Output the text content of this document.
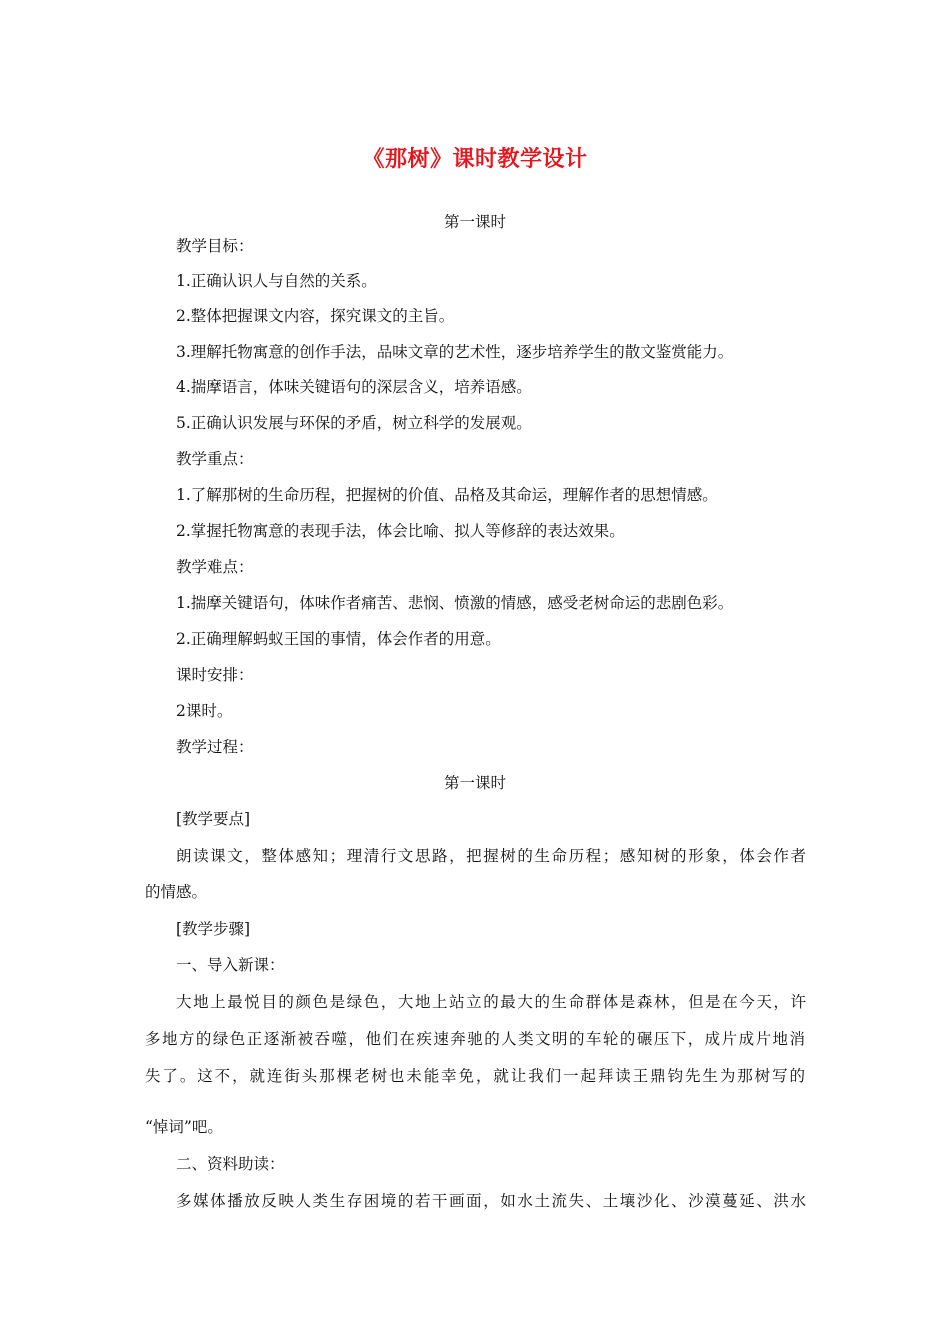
《那树》课时教学设计
第一课时
教学目标：
1.正确认识人与自然的关系。
2.整体把握课文内容，探究课文的主旨。
3.理解托物寓意的创作手法，品味文章的艺术性，逐步培养学生的散文鉴赏能力。
4.揣摩语言，体味关键语句的深层含义，培养语感。
5.正确认识发展与环保的矛盾，树立科学的发展观。
教学重点：
1.了解那树的生命历程，把握树的价值、品格及其命运，理解作者的思想情感。
2.掌握托物寓意的表现手法，体会比喻、拟人等修辞的表达效果。
教学难点：
1.揣摩关键语句，体味作者痛苦、悲悯、愤激的情感，感受老树命运的悲剧色彩。
2.正确理解蚂蚁王国的事情，体会作者的用意。
课时安排：
2课时。
教学过程：
第一课时
[教学要点]
朗读课文，整体感知；理清行文思路，把握树的生命历程；感知树的形象，体会作者
的情感。
[教学步骤]
一、导入新课：
大地上最悦目的颜色是绿色，大地上站立的最大的生命群体是森林，但是在今天，许
多地方的绿色正逐渐被吞噬，他们在疾速奔驰的人类文明的车轮的碾压下，成片成片地消
失了。这不，就连街头那棵老树也未能幸免，就让我们一起拜读王鼎钧先生为那树写的
“悼词”吧。
二、资料助读：
多媒体播放反映人类生存困境的若干画面，如水土流失、土壤沙化、沙漠蔓延、洪水
